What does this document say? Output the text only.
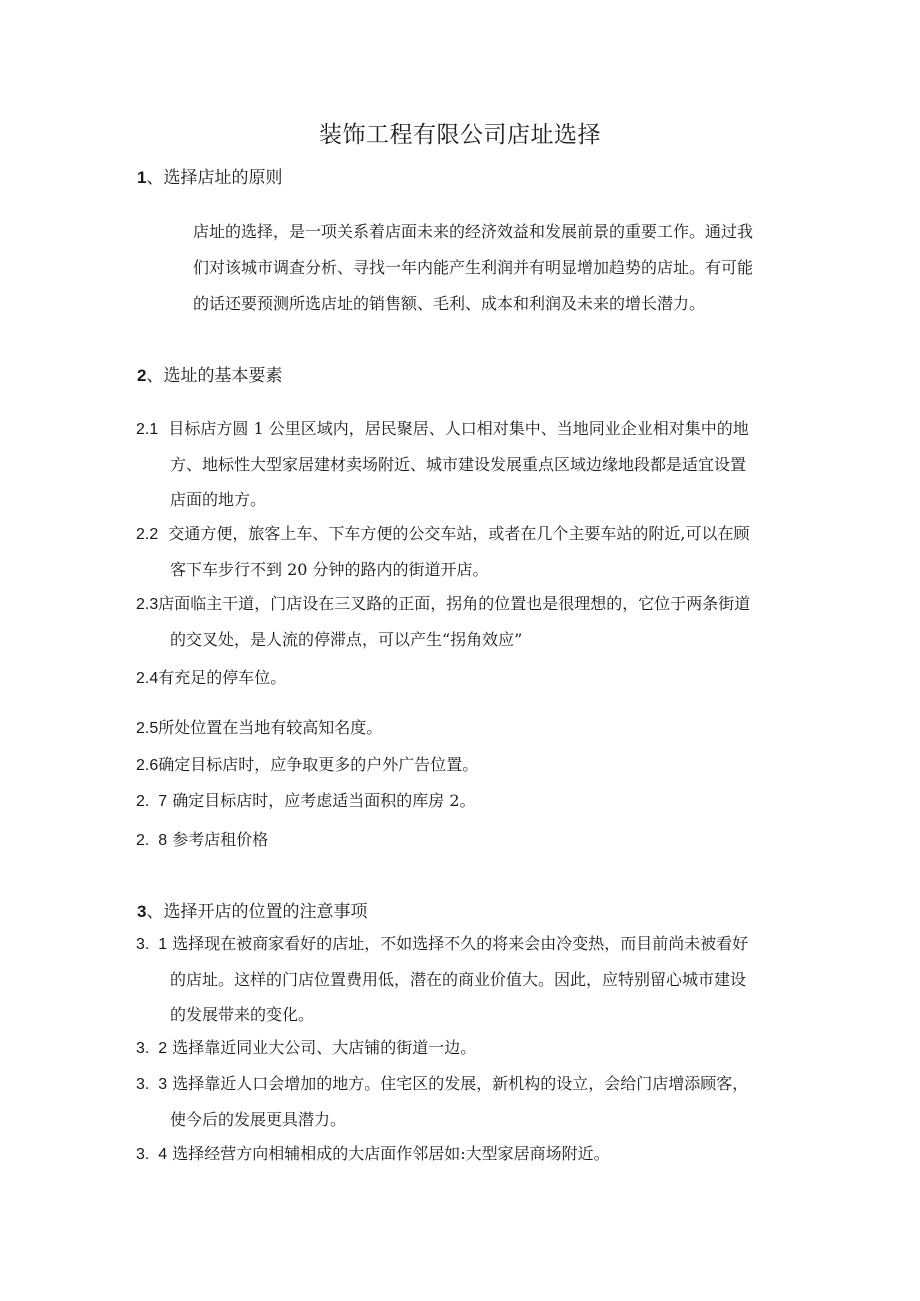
装饰工程有限公司店址选择
1、选择店址的原则
店址的选择，是一项关系着店面未来的经济效益和发展前景的重要工作。通过我
们对该城市调查分析、寻找一年内能产生利润并有明显增加趋势的店址。有可能
的话还要预测所选店址的销售额、毛利、成本和利润及未来的增长潜力。
2、选址的基本要素
2.1 目标店方圆 1 公里区域内，居民聚居、人口相对集中、当地同业企业相对集中的地
方、地标性大型家居建材卖场附近、城市建设发展重点区域边缘地段都是适宜设置
店面的地方。
2.2 交通方便，旅客上车、下车方便的公交车站，或者在几个主要车站的附近,可以在顾
客下车步行不到 20 分钟的路内的街道开店。
2.3店面临主干道，门店设在三叉路的正面，拐角的位置也是很理想的，它位于两条街道
的交叉处，是人流的停滞点，可以产生“拐角效应”
2.4有充足的停车位。
2.5所处位置在当地有较高知名度。
2.6确定目标店时，应争取更多的户外广告位置。
2.  7 确定目标店时，应考虑适当面积的库房 2。
2.  8 参考店租价格
3、选择开店的位置的注意事项
3.  1 选择现在被商家看好的店址，不如选择不久的将来会由冷变热，而目前尚未被看好
的店址。这样的门店位置费用低，潜在的商业价值大。因此，应特别留心城市建设
的发展带来的变化。
3.  2 选择靠近同业大公司、大店铺的街道一边。
3.  3 选择靠近人口会增加的地方。住宅区的发展，新机构的设立，会给门店增添顾客，
使今后的发展更具潜力。
3.  4 选择经营方向相辅相成的大店面作邻居如:大型家居商场附近。
